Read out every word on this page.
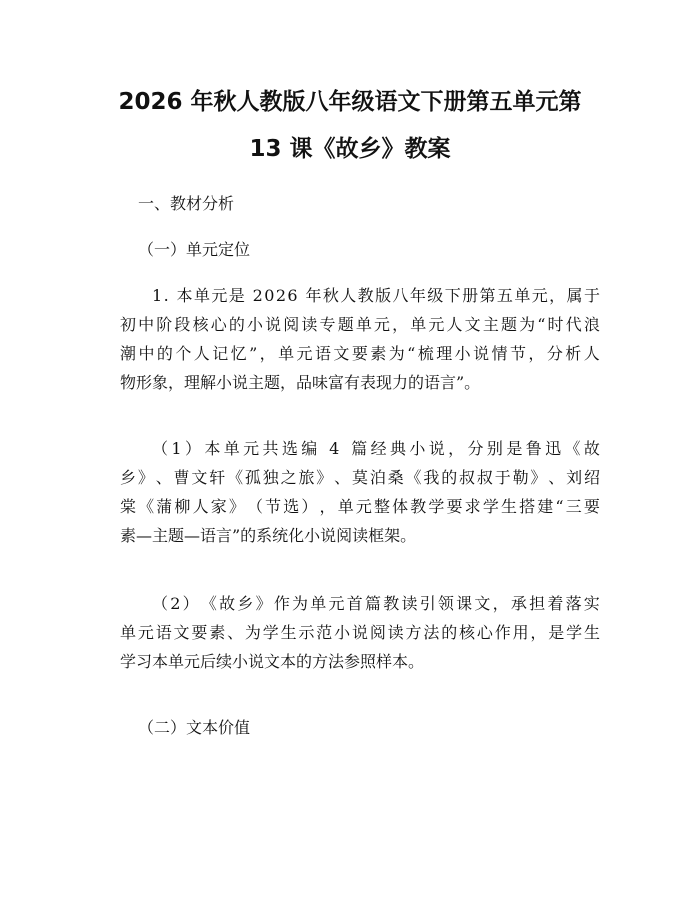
2026 年秋人教版八年级语文下册第五单元第
13 课《故乡》教案
一、教材分析
（一）单元定位
1 .
本 单 元 是
2 0 2 6
年 秋 人 教 版 八 年 级 下 册 第 五 单 元 ， 属 于
初 中 阶 段 核 心 的 小 说 阅 读 专 题 单 元 ， 单 元 人 文 主 题 为 “ 时 代 浪
潮 中 的 个 人 记 忆 ” ， 单 元 语 文 要 素 为 “ 梳 理 小 说 情 节 ， 分 析 人
物形象，理解小说主题，品味富有表现力的语言”。
（ 1 ） 本 单 元 共 选 编
4
篇 经 典 小 说 ， 分 别 是 鲁 迅 《 故
乡 》 、 曹 文 轩 《 孤 独 之 旅 》 、 莫 泊 桑 《 我 的 叔 叔 于 勒 》 、 刘 绍
棠 《 蒲 柳 人 家 》 （ 节 选 ） ， 单 元 整 体 教 学 要 求 学 生 搭 建 “ 三 要
素—主题—语言”的系统化小说阅读框架。
（ 2 ） 《 故 乡 》 作 为 单 元 首 篇 教 读 引 领 课 文 ， 承 担 着 落 实
单 元 语 文 要 素 、 为 学 生 示 范 小 说 阅 读 方 法 的 核 心 作 用 ， 是 学 生
学习本单元后续小说文本的方法参照样本。
（二）文本价值
